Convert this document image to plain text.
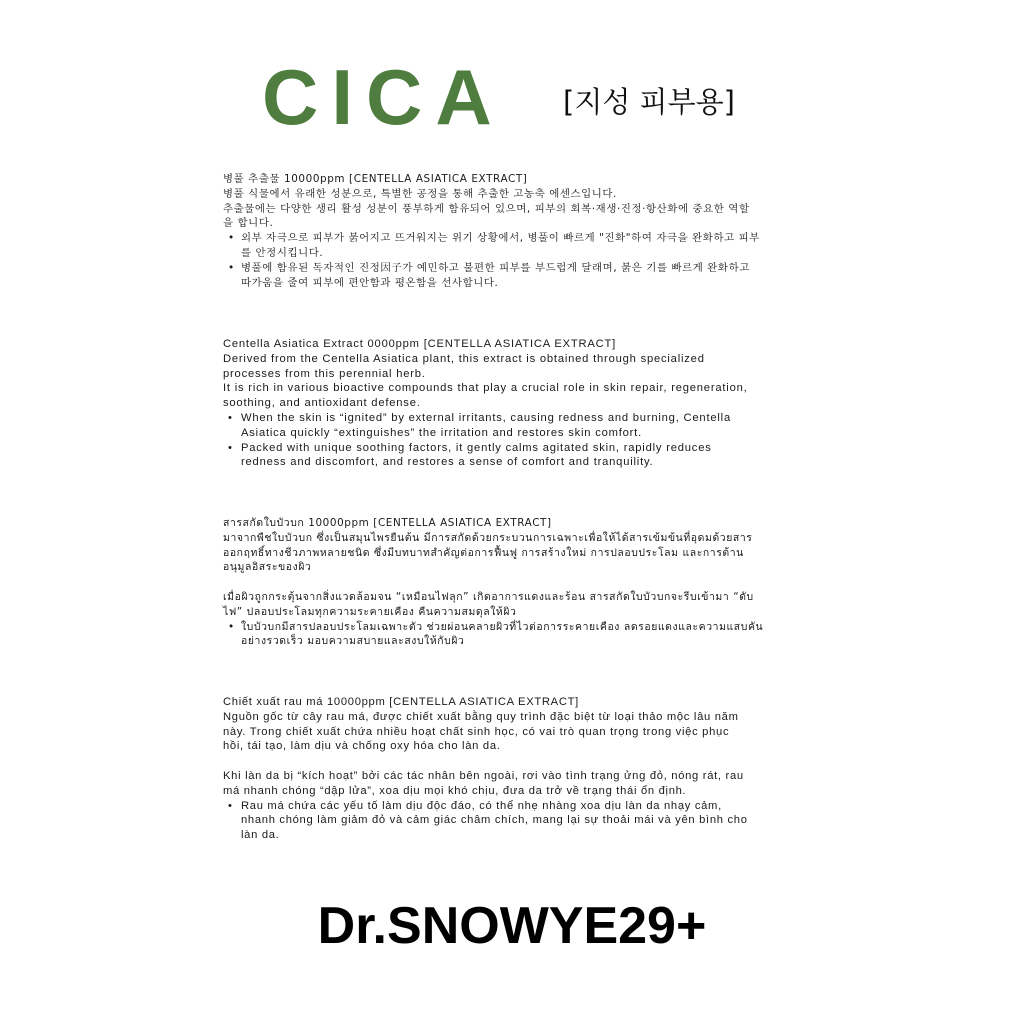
CICA [지성 피부용]

병풀 추출물 10000ppm [CENTELLA ASIATICA EXTRACT]

병풀 식물에서 유래한 성분으로, 특별한 공정을 통해 추출한 고농축 에센스입니다.

추출물에는 다양한 생리 활성 성분이 풍부하게 함유되어 있으며, 피부의 회복·재생·진정·항산화에 중요한 역할
을 합니다.

• 외부 자극으로 피부가 붉어지고 뜨거워지는 위기 상황에서, 병풀이 빠르게 "진화"하여 자극을 완화하고 피부
를 안정시킵니다.
• 병풀에 함유된 독자적인 진정因子가 예민하고 불편한 피부를 부드럽게 달래며, 붉은 기를 빠르게 완화하고
따가움을 줄여 피부에 편안함과 평온함을 선사합니다.

Centella Asiatica Extract 0000ppm [CENTELLA ASIATICA EXTRACT]

Derived from the Centella Asiatica plant, this extract is obtained through specialized
processes from this perennial herb.

It is rich in various bioactive compounds that play a crucial role in skin repair, regeneration,
soothing, and antioxidant defense.

• When the skin is “ignited” by external irritants, causing redness and burning, Centella
Asiatica quickly “extinguishes” the irritation and restores skin comfort.
• Packed with unique soothing factors, it gently calms agitated skin, rapidly reduces
redness and discomfort, and restores a sense of comfort and tranquility.

สารสกัดใบบัวบก 10000ppm [CENTELLA ASIATICA EXTRACT]

มาจากพืชใบบัวบก ซึ่งเป็นสมุนไพรยืนต้น มีการสกัดด้วยกระบวนการเฉพาะเพื่อให้ได้สารเข้มข้นที่อุดมด้วยสาร
ออกฤทธิ์ทางชีวภาพหลายชนิด ซึ่งมีบทบาทสำคัญต่อการฟื้นฟู การสร้างใหม่ การปลอบประโลม และการต้าน
อนุมูลอิสระของผิว

เมื่อผิวถูกกระตุ้นจากสิ่งแวดล้อมจน “เหมือนไฟลุก” เกิดอาการแดงและร้อน สารสกัดใบบัวบกจะรีบเข้ามา “ดับ
ไฟ” ปลอบประโลมทุกความระคายเคือง คืนความสมดุลให้ผิว

• ใบบัวบกมีสารปลอบประโลมเฉพาะตัว ช่วยผ่อนคลายผิวที่ไวต่อการระคายเคือง ลดรอยแดงและความแสบคัน
อย่างรวดเร็ว มอบความสบายและสงบให้กับผิว

Chiết xuất rau má 10000ppm [CENTELLA ASIATICA EXTRACT]

Nguồn gốc từ cây rau má, được chiết xuất bằng quy trình đặc biệt từ loại thảo mộc lâu năm
này. Trong chiết xuất chứa nhiều hoạt chất sinh học, có vai trò quan trọng trong việc phục
hồi, tái tạo, làm dịu và chống oxy hóa cho làn da.

Khi làn da bị “kích hoạt” bởi các tác nhân bên ngoài, rơi vào tình trạng ửng đỏ, nóng rát, rau
má nhanh chóng “dập lửa”, xoa dịu mọi khó chịu, đưa da trở về trạng thái ổn định.

• Rau má chứa các yếu tố làm dịu độc đáo, có thể nhẹ nhàng xoa dịu làn da nhạy cảm,
nhanh chóng làm giảm đỏ và cảm giác châm chích, mang lại sự thoải mái và yên bình cho
làn da.
Dr.SNOWYE29+
